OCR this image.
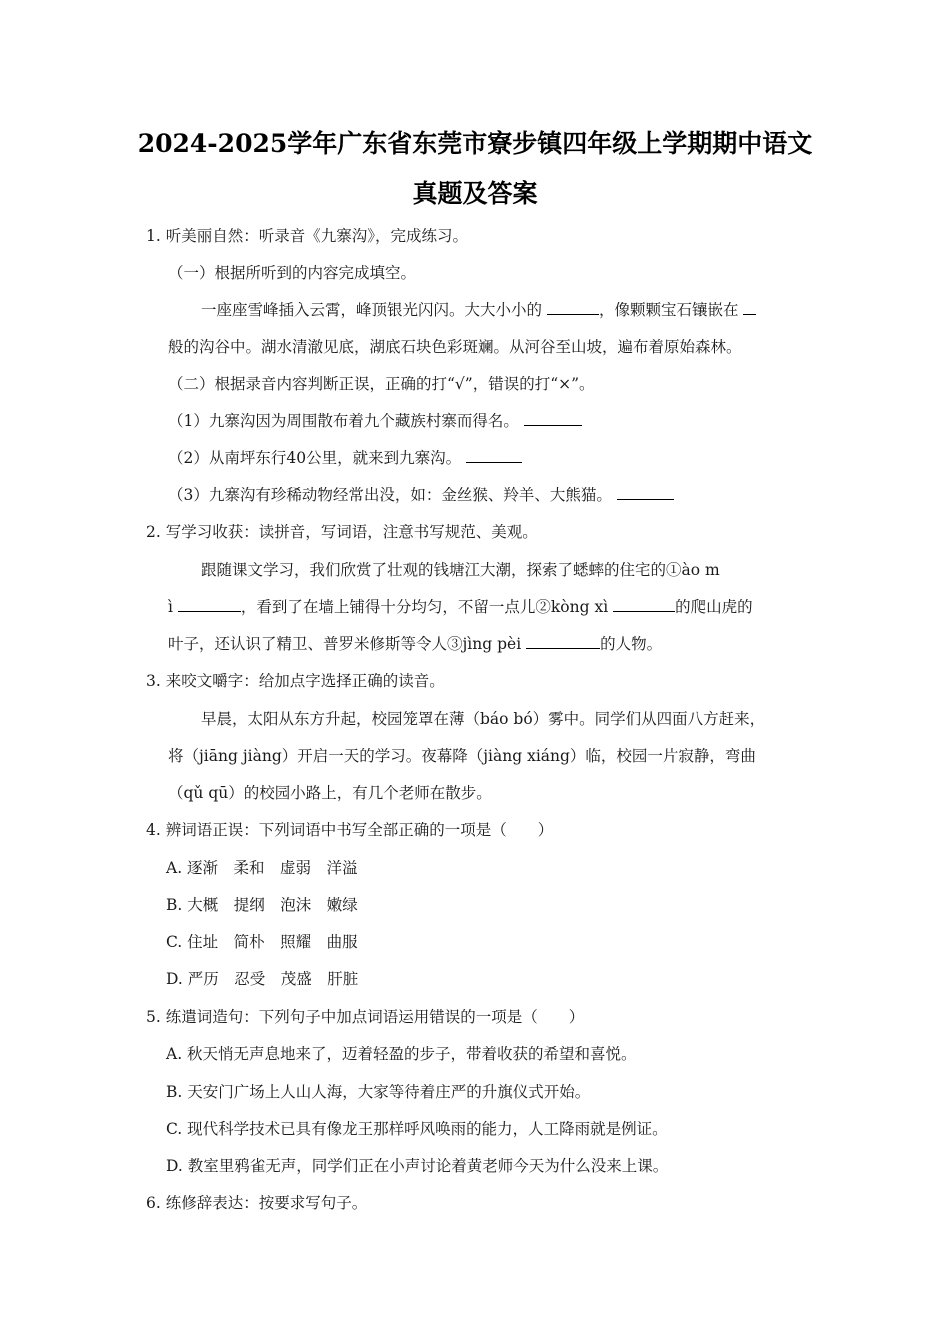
2024-2025学年广东省东莞市寮步镇四年级上学期期中语文
真题及答案
1. 听美丽自然：听录音《九寨沟》，完成练习。
（一）根据所听到的内容完成填空。
一座座雪峰插入云霄，峰顶银光闪闪。大大小小的	，像颗颗宝石镶嵌在
般的沟谷中。湖水清澈见底，湖底石块色彩斑斓。从河谷至山坡，遍布着原始森林。
（二）根据录音内容判断正误，正确的打“√”，错误的打“×”。
（1）九寨沟因为周围散布着九个藏族村寨而得名。
（2）从南坪东行40公里，就来到九寨沟。
（3）九寨沟有珍稀动物经常出没，如：金丝猴、羚羊、大熊猫。
2. 写学习收获：读拼音，写词语，注意书写规范、美观。
跟随课文学习，我们欣赏了壮观的钱塘江大潮，探索了蟋蟀的住宅的①ào m
ì	，看到了在墙上铺得十分均匀，不留一点儿②kòng xì	的爬山虎的
叶子，还认识了精卫、普罗米修斯等令人③jìng pèi	的人物。
3. 来咬文嚼字：给加点字选择正确的读音。
早晨，太阳从东方升起，校园笼罩在薄（báo bó）雾中。同学们从四面八方赶来，
将（jiāng jiàng）开启一天的学习。夜幕降（jiàng xiáng）临，校园一片寂静，弯曲
（qǔ qū）的校园小路上，有几个老师在散步。
4. 辨词语正误：下列词语中书写全部正确的一项是（　　）
A. 逐渐　柔和　虚弱　洋溢
B. 大概　提纲　泡沫　嫩绿
C. 住址　简朴　照耀　曲服
D. 严历　忍受　茂盛　肝脏
5. 练遣词造句：下列句子中加点词语运用错误的一项是（　　）
A. 秋天悄无声息地来了，迈着轻盈的步子，带着收获的希望和喜悦。
B. 天安门广场上人山人海，大家等待着庄严的升旗仪式开始。
C. 现代科学技术已具有像龙王那样呼风唤雨的能力，人工降雨就是例证。
D. 教室里鸦雀无声，同学们正在小声讨论着黄老师今天为什么没来上课。
6. 练修辞表达：按要求写句子。
